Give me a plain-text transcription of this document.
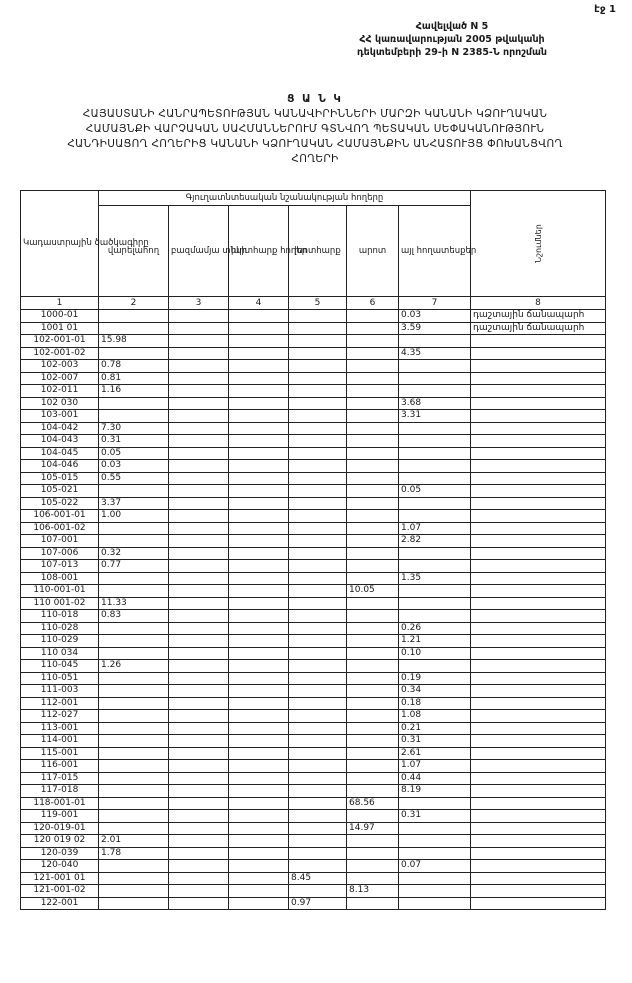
էջ 1
Հավելված N 5
ՀՀ կառավարության 2005 թվականի
դեկտեմբերի 29-ի N 2385-Ն որոշման
Ց Ա Ն Կ
ՀԱՅԱՍՏԱՆԻ ՀԱՆՐԱՊԵՏՈՒԹՅԱՆ ԿԱՆԱՎԻՐԻՆՆԵՐԻ ՄԱՐԶԻ ԿԱՆԱՆԻ ԿՁՈՒՂԱԿԱՆ
ՀԱՄԱՅՆՔԻ ՎԱՐՉԱԿԱՆ ՍԱՀՄԱՆՆԵՐՈՒՄ ԳՏՆՎՈՂ ՊԵՏԱԿԱՆ ՍԵՓԱԿԱՆՈՒԹՅՈՒՆ
ՀԱՆԴԻՍԱՑՈՂ ՀՈՂԵՐԻՑ ԿԱՆԱՆԻ ԿՁՈՒՂԱԿԱՆ ՀԱՄԱՅՆՔԻՆ ԱՆՀԱՏՈՒՅՑ ՓՈԽԱՆՑՎՈՂ
ՀՈՂԵՐԻ
Կադաստրային ծածկագիրը	Գյուղատնտեսական նշանակության հողերը						Նշումներ
	վարելահող	բազմամյա տնկի	խոտհարք հողեր	խոտհարք	արոտ	այլ հողատեսքեր	
1	2	3	4	5	6	7	8
1000-01						0.03	դաշտային ճանապարհ
1001 01						3.59	դաշտային ճանապարհ
102-001-01	15.98						
102-001-02						4.35	
102-003	0.78						
102-007	0.81						
102-011	1.16						
102 030						3.68	
103-001						3.31	
104-042	7.30						
104-043	0.31						
104-045	0.05						
104-046	0.03						
105-015	0.55						
105-021						0.05	
105-022	3.37						
106-001-01	1.00						
106-001-02						1.07	
107-001						2.82	
107-006	0.32						
107-013	0.77						
108-001						1.35	
110-001-01					10.05		
110 001-02	11.33						
110-018	0.83						
110-028						0.26	
110-029						1.21	
110 034						0.10	
110-045	1.26						
110-051						0.19	
111-003						0.34	
112-001						0.18	
112-027						1.08	
113-001						0.21	
114-001						0.31	
115-001						2.61	
116-001						1.07	
117-015						0.44	
117-018						8.19	
118-001-01					68.56		
119-001						0.31	
120-019-01					14.97		
120 019 02	2.01						
120-039	1.78						
120-040						0.07	
121-001 01				8.45			
121-001-02					8.13		
122-001				0.97			
